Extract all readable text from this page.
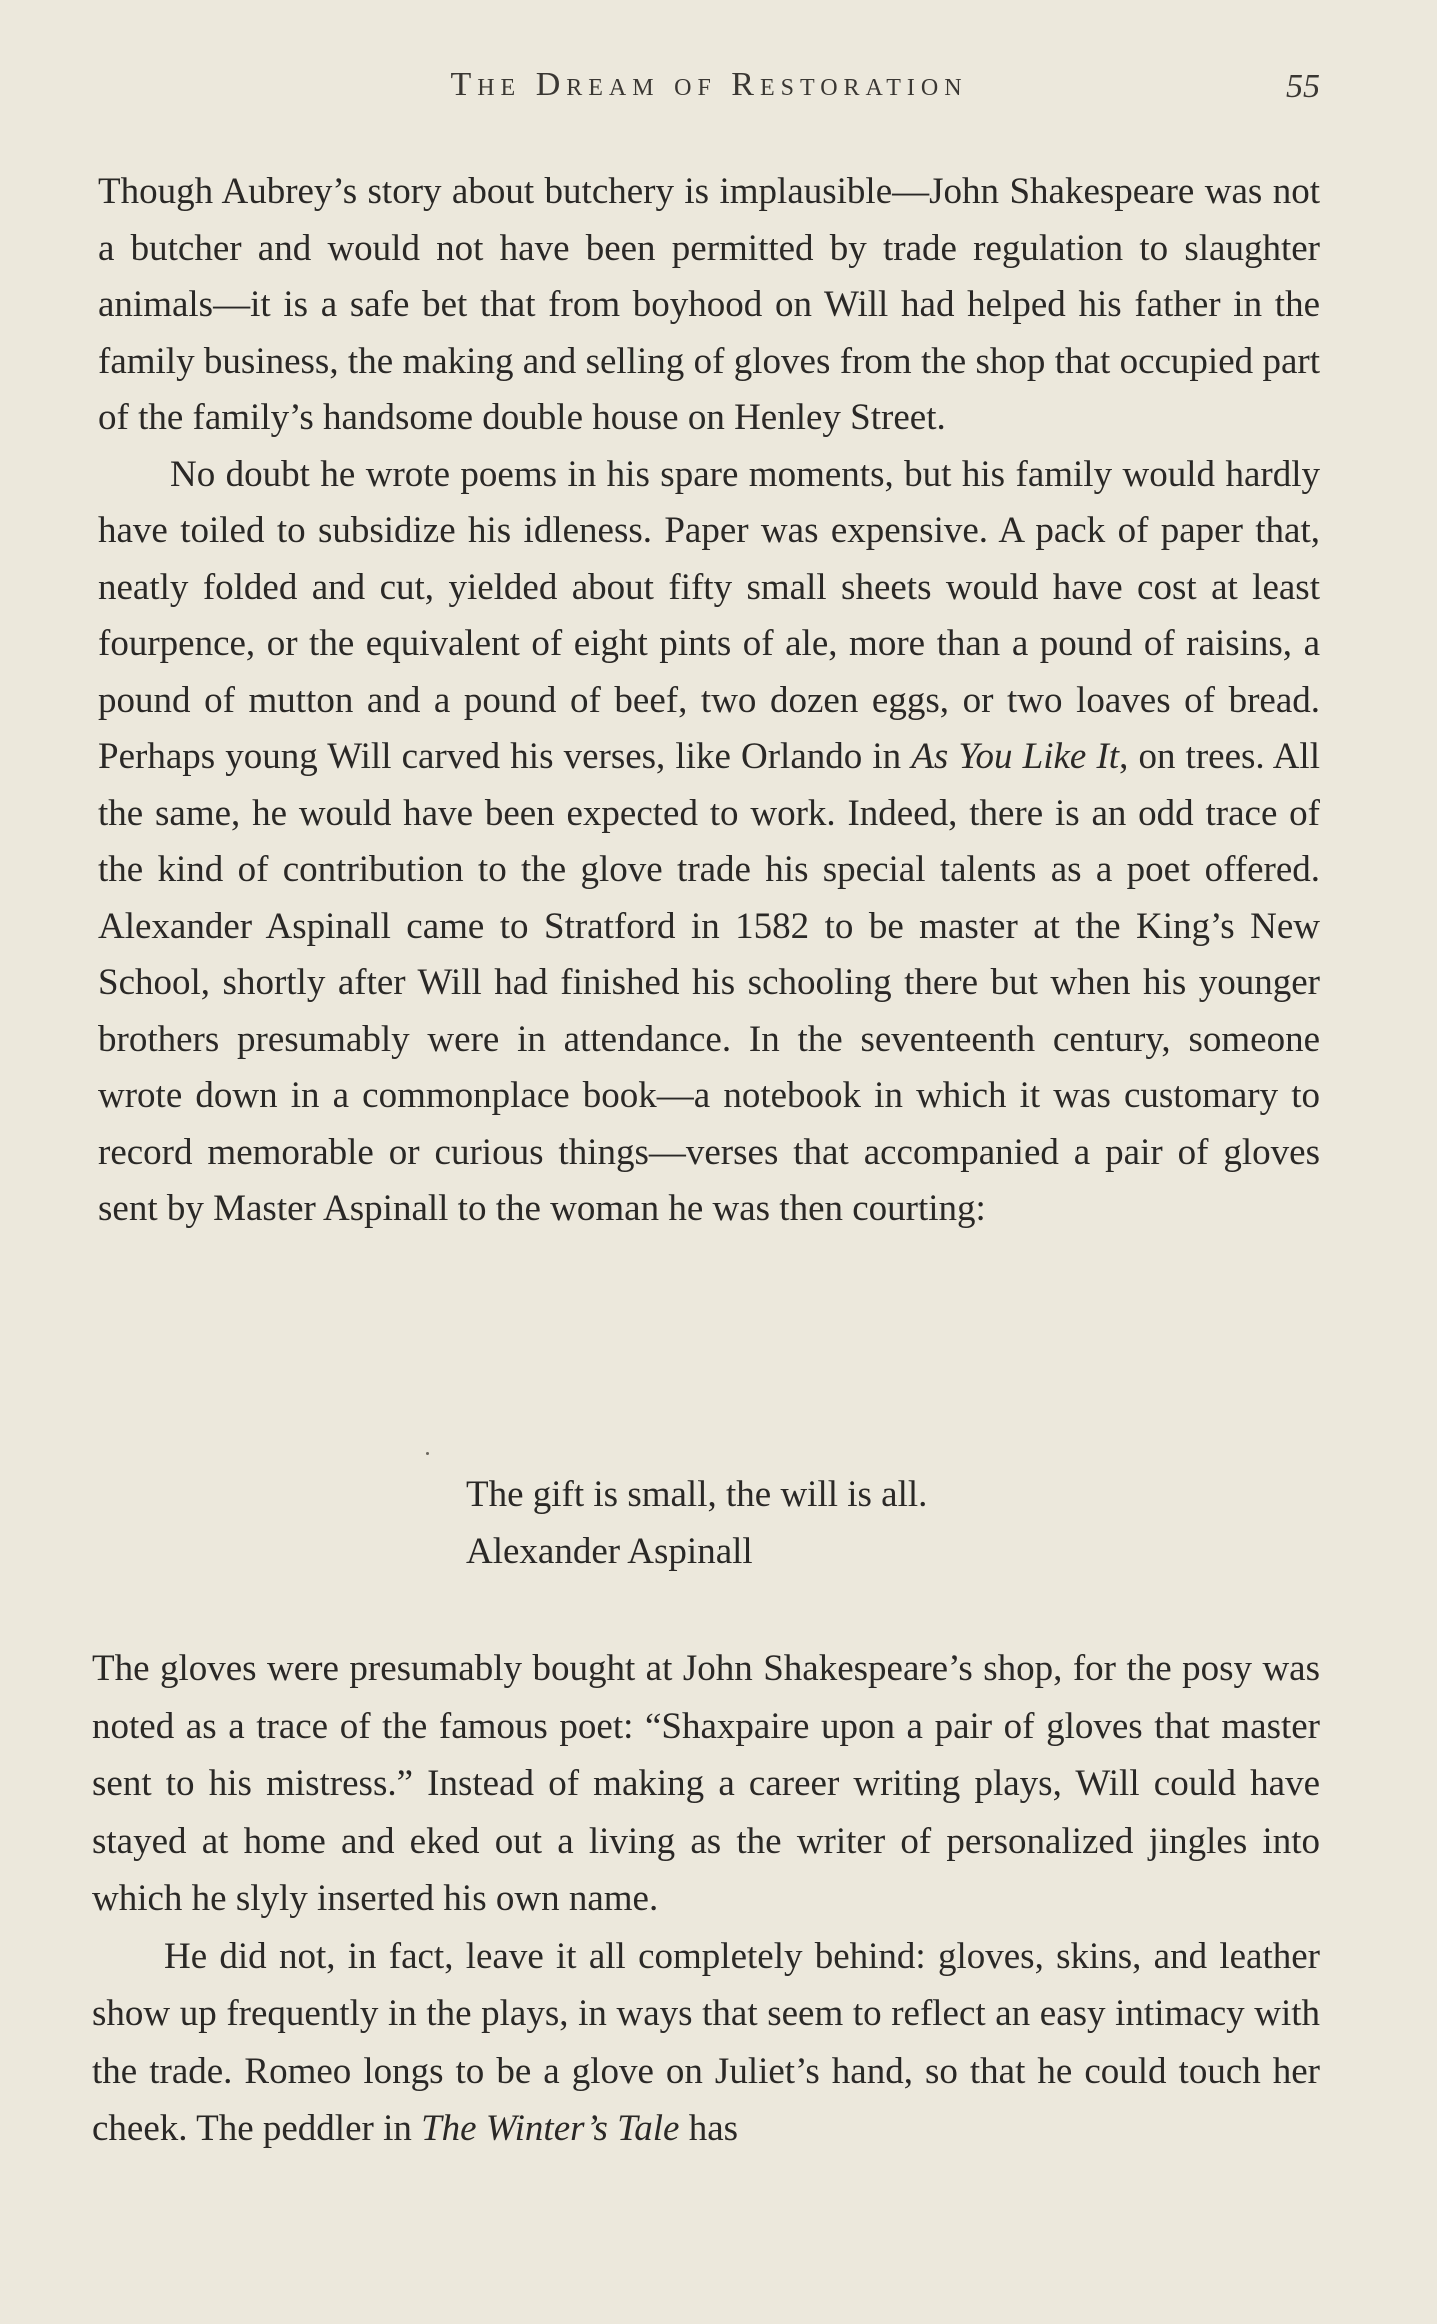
The Dream of Restoration	55

Though Aubrey’s story about butchery is implausible—John Shakespeare was not a butcher and would not have been permitted by trade regulation to slaughter animals—it is a safe bet that from boyhood on Will had helped his father in the family business, the making and selling of gloves from the shop that occupied part of the family’s handsome double house on Henley Street.

No doubt he wrote poems in his spare moments, but his family would hardly have toiled to subsidize his idleness. Paper was expensive. A pack of paper that, neatly folded and cut, yielded about fifty small sheets would have cost at least fourpence, or the equivalent of eight pints of ale, more than a pound of raisins, a pound of mutton and a pound of beef, two dozen eggs, or two loaves of bread. Perhaps young Will carved his verses, like Orlando in As You Like It, on trees. All the same, he would have been expected to work. Indeed, there is an odd trace of the kind of contribution to the glove trade his special talents as a poet offered. Alexander Aspinall came to Stratford in 1582 to be master at the King’s New School, shortly after Will had finished his schooling there but when his younger brothers presumably were in attendance. In the seventeenth century, someone wrote down in a commonplace book—a notebook in which it was customary to record memorable or curious things—verses that accompanied a pair of gloves sent by Master Aspinall to the woman he was then courting:

The gift is small, the will is all.
Alexander Aspinall

The gloves were presumably bought at John Shakespeare’s shop, for the posy was noted as a trace of the famous poet: “Shaxpaire upon a pair of gloves that master sent to his mistress.” Instead of making a career writing plays, Will could have stayed at home and eked out a living as the writer of personalized jingles into which he slyly inserted his own name.

He did not, in fact, leave it all completely behind: gloves, skins, and leather show up frequently in the plays, in ways that seem to reflect an easy intimacy with the trade. Romeo longs to be a glove on Juliet’s hand, so that he could touch her cheek. The peddler in The Winter’s Tale has
